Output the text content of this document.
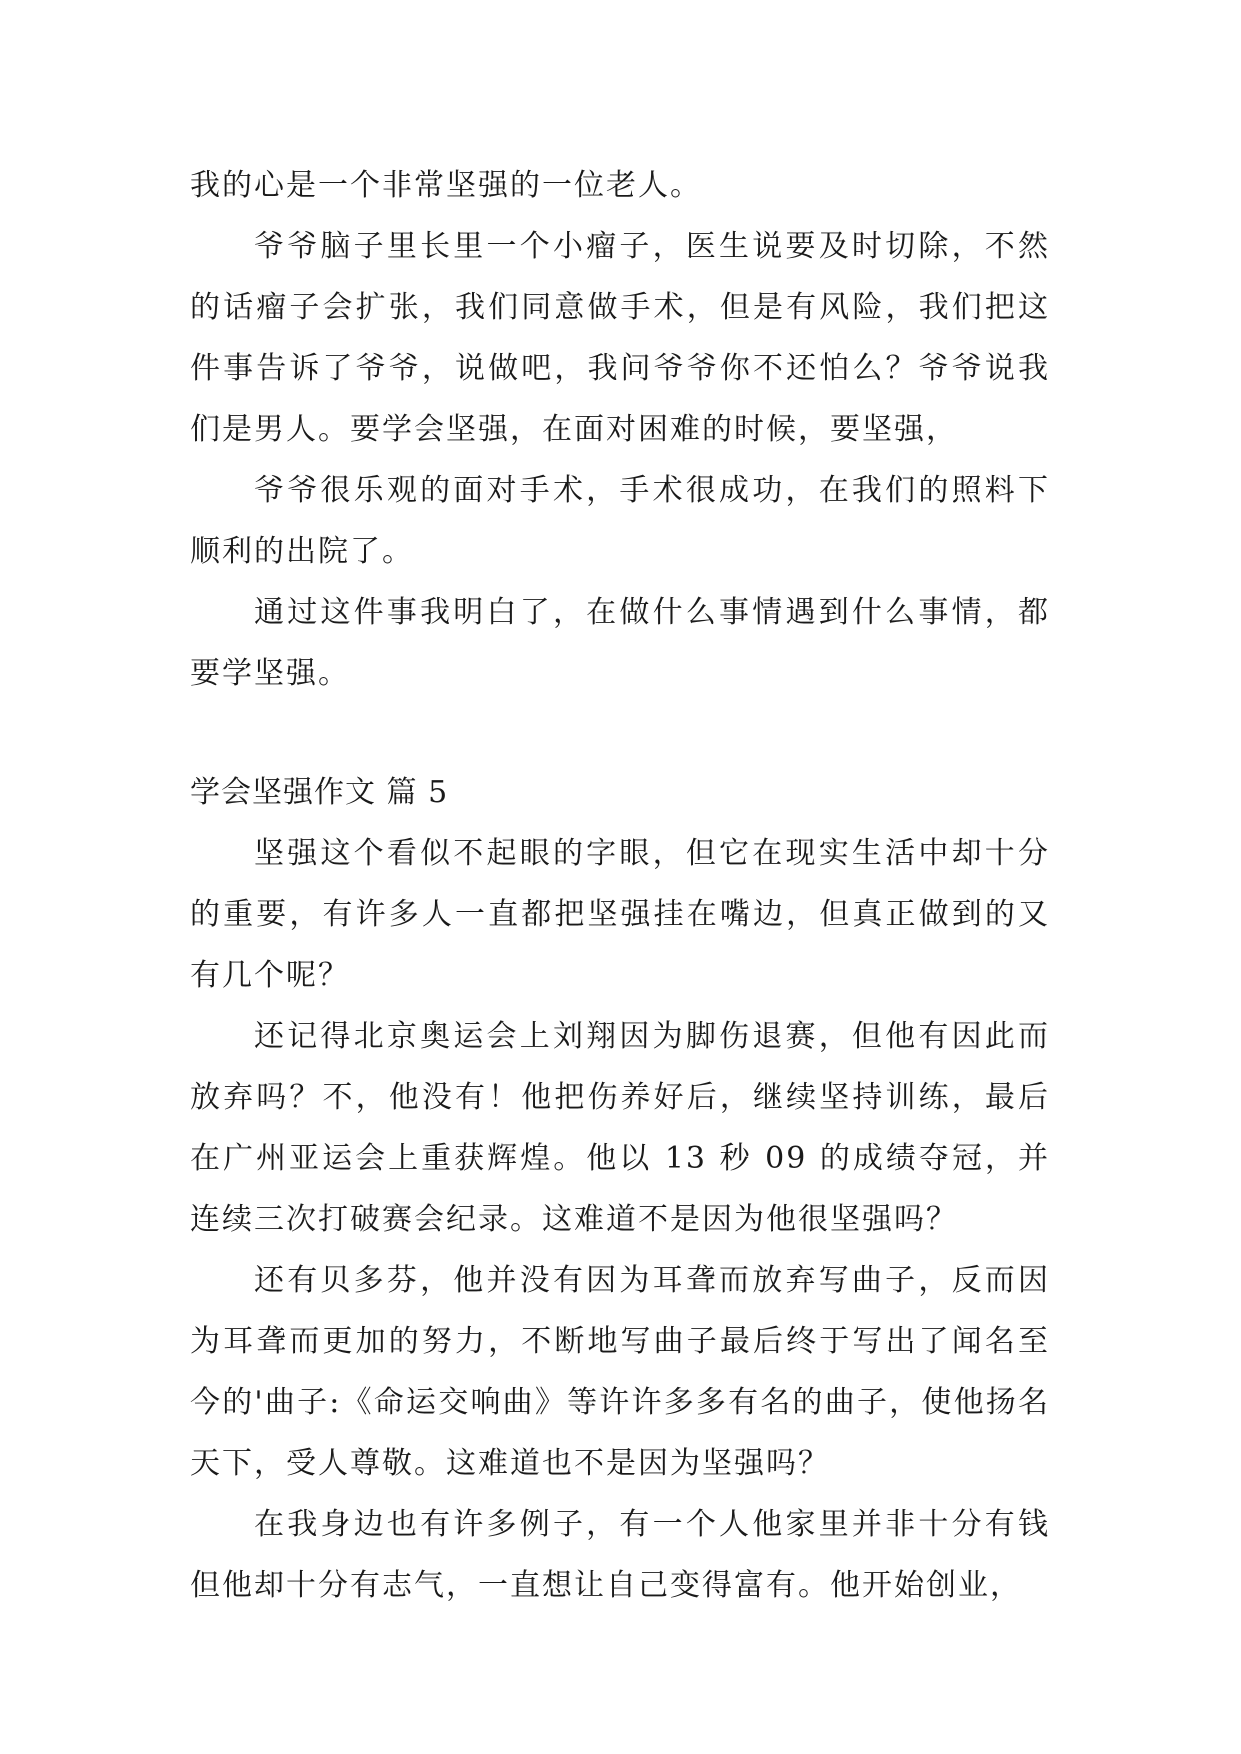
我的心是一个非常坚强的一位老人。

爷爷脑子里长里一个小瘤子，医生说要及时切除，不然的话瘤子会扩张，我们同意做手术，但是有风险，我们把这件事告诉了爷爷，说做吧，我问爷爷你不还怕么？爷爷说我们是男人。要学会坚强，在面对困难的时候，要坚强，

爷爷很乐观的面对手术，手术很成功，在我们的照料下顺利的出院了。

通过这件事我明白了，在做什么事情遇到什么事情，都要学坚强。

学会坚强作文 篇 5

坚强这个看似不起眼的字眼，但它在现实生活中却十分的重要，有许多人一直都把坚强挂在嘴边，但真正做到的又有几个呢？

还记得北京奥运会上刘翔因为脚伤退赛，但他有因此而放弃吗？不，他没有！他把伤养好后，继续坚持训练，最后在广州亚运会上重获辉煌。他以 13 秒 09 的成绩夺冠，并连续三次打破赛会纪录。这难道不是因为他很坚强吗？

还有贝多芬，他并没有因为耳聋而放弃写曲子，反而因为耳聋而更加的努力，不断地写曲子最后终于写出了闻名至今的'曲子:《命运交响曲》等许许多多有名的曲子，使他扬名天下，受人尊敬。这难道也不是因为坚强吗？

在我身边也有许多例子，有一个人他家里并非十分有钱但他却十分有志气，一直想让自己变得富有。他开始创业，
